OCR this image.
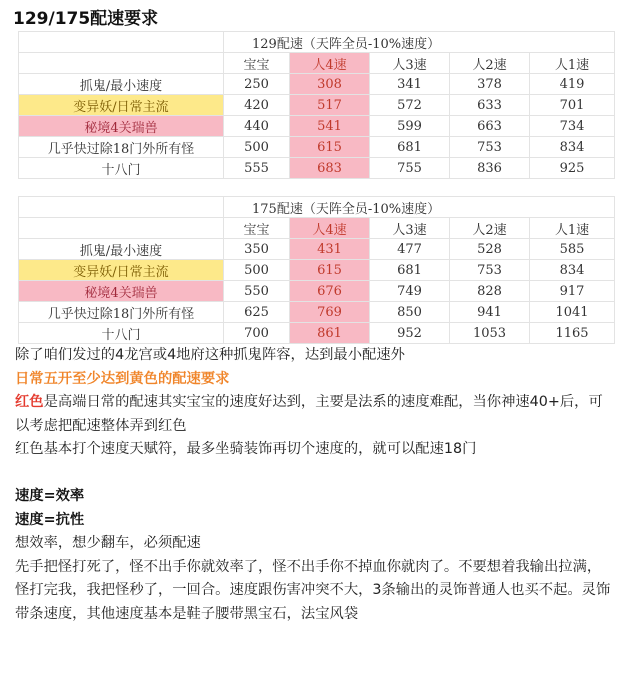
129/175配速要求
	129配速（天阵全员-10%速度）				
	宝宝	人4速	人3速	人2速	人1速
抓鬼/最小速度	250	308	341	378	419
变异妖/日常主流	420	517	572	633	701
秘境4关瑞兽	440	541	599	663	734
几乎快过除18门外所有怪	500	615	681	753	834
十八门	555	683	755	836	925
	175配速（天阵全员-10%速度）				
	宝宝	人4速	人3速	人2速	人1速
抓鬼/最小速度	350	431	477	528	585
变异妖/日常主流	500	615	681	753	834
秘境4关瑞兽	550	676	749	828	917
几乎快过除18门外所有怪	625	769	850	941	1041
十八门	700	861	952	1053	1165

除了咱们发过的4龙宫或4地府这种抓鬼阵容，达到最小配速外

日常五开至少达到黄色的配速要求

红色是高端日常的配速其实宝宝的速度好达到，主要是法系的速度难配，当你神速40+后，可以考虑把配速整体弄到红色

红色基本打个速度天赋符，最多坐骑装饰再切个速度的，就可以配速18门

速度=效率

速度=抗性

想效率，想少翻车，必须配速

先手把怪打死了，怪不出手你就效率了，怪不出手你不掉血你就肉了。不要想着我输出拉满，怪打完我，我把怪秒了，一回合。速度跟伤害冲突不大，3条输出的灵饰普通人也买不起。灵饰带条速度，其他速度基本是鞋子腰带黑宝石，法宝风袋
